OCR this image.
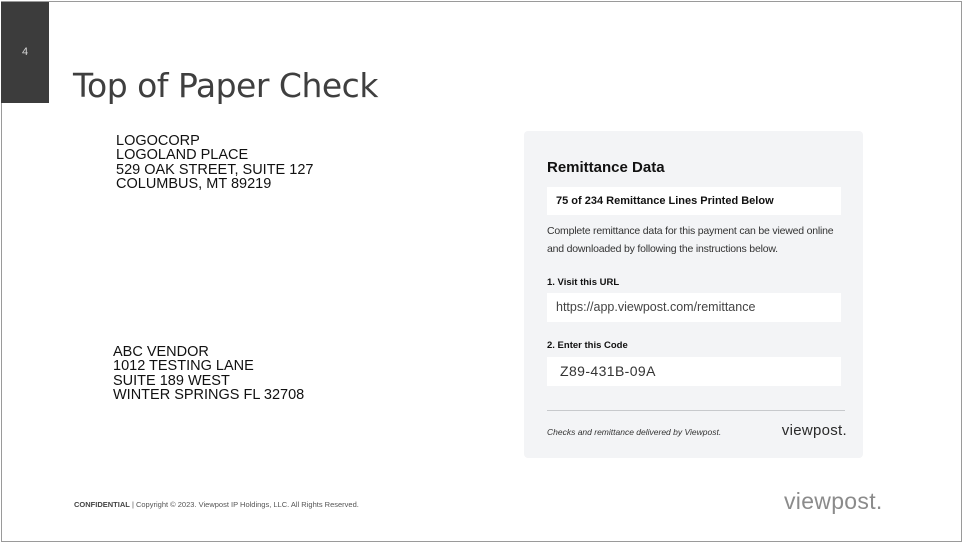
4
Top of Paper Check
LOGOCORP
LOGOLAND PLACE
529 OAK STREET, SUITE 127
COLUMBUS, MT 89219
ABC VENDOR
1012 TESTING LANE
SUITE 189 WEST
WINTER SPRINGS FL 32708
Remittance Data
75 of 234 Remittance Lines Printed Below
Complete remittance data for this payment can be viewed online and downloaded by following the instructions below.
1. Visit this URL
https://app.viewpost.com/remittance
2. Enter this Code
Z89-431B-09A
Checks and remittance delivered by Viewpost.	viewpost.
CONFIDENTIAL | Copyright © 2023. Viewpost IP Holdings, LLC. All Rights Reserved.	viewpost.
